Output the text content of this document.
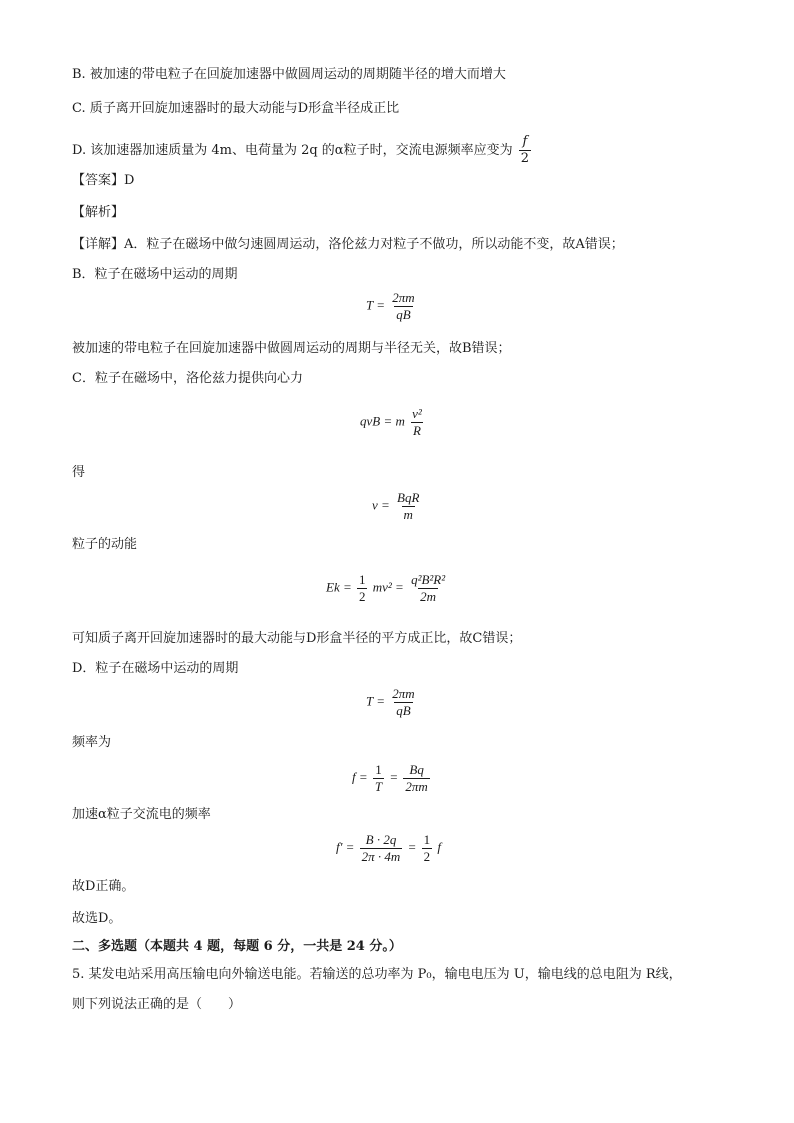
B. 被加速的带电粒子在回旋加速器中做圆周运动的周期随半径的增大而增大
C. 质子离开回旋加速器时的最大动能与D形盒半径成正比
D. 该加速器加速质量为 4m、电荷量为 2q 的α粒子时，交流电源频率应变为 $\frac{f}{2}$
【答案】D
【解析】
【详解】A．粒子在磁场中做匀速圆周运动，洛伦兹力对粒子不做功，所以动能不变，故A错误；
B．粒子在磁场中运动的周期
$T = \frac{2\pi m}{qB}$
被加速的带电粒子在回旋加速器中做圆周运动的周期与半径无关，故B错误；
C．粒子在磁场中，洛伦兹力提供向心力
qvB = m $\frac{\text{v²}}{R}$
得
$v = \frac{\text{BqR}}{m}$
粒子的动能
$Ek = \frac{1}{2} mv^2 = \frac{\text{q²B²R²}}{2m}$
可知质子离开回旋加速器时的最大动能与D形盒半径的平方成正比，故C错误；
D．粒子在磁场中运动的周期
$T = \frac{2\pi m}{qB}$
频率为
$f = \frac{1}{T} = \frac{Bq}{2\pi m}$
加速α粒子交流电的频率
$f' = \frac{B \cdot 2q}{2\pi \cdot 4m} = \frac{1}{2}$ f
故D正确。
故选D。
二、多选题（本题共 4 题，每题 6 分，一共是 24 分。）
5. 某发电站采用高压输电向外输送电能。若输送的总功率为 P₀，输电电压为 U，输电线的总电阻为 R线，
则下列说法正确的是（　　）
